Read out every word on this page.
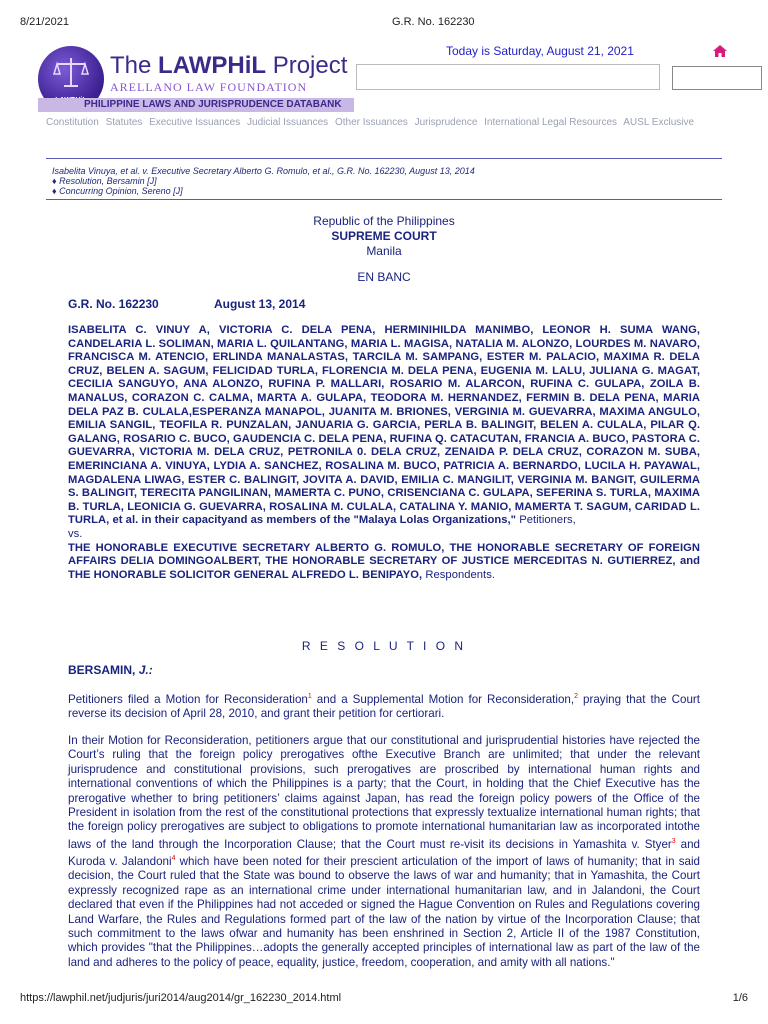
8/21/2021	G.R. No. 162230
The LAWPHiL Project
ARELLANO LAW FOUNDATION
PHILIPPINE LAWS AND JURISPRUDENCE DATABANK
Today is Saturday, August 21, 2021
Constitution Statutes Executive Issuances Judicial Issuances Other Issuances Jurisprudence International Legal Resources AUSL Exclusive
Isabelita Vinuya, et al. v. Executive Secretary Alberto G. Romulo, et al., G.R. No. 162230, August 13, 2014
♦ Resolution, Bersamin [J]
♦ Concurring Opinion, Sereno [J]
Republic of the Philippines
SUPREME COURT
Manila
EN BANC
G.R. No. 162230	August 13, 2014
ISABELITA C. VINUY A, VICTORIA C. DELA PENA, HERMINIHILDA MANIMBO, LEONOR H. SUMA WANG, CANDELARIA L. SOLIMAN, MARIA L. QUILANTANG, MARIA L. MAGISA, NATALIA M. ALONZO, LOURDES M. NAVARO, FRANCISCA M. ATENCIO, ERLINDA MANALASTAS, TARCILA M. SAMPANG, ESTER M. PALACIO, MAXIMA R. DELA CRUZ, BELEN A. SAGUM, FELICIDAD TURLA, FLORENCIA M. DELA PENA, EUGENIA M. LALU, JULIANA G. MAGAT, CECILIA SANGUYO, ANA ALONZO, RUFINA P. MALLARI, ROSARIO M. ALARCON, RUFINA C. GULAPA, ZOILA B. MANALUS, CORAZON C. CALMA, MARTA A. GULAPA, TEODORA M. HERNANDEZ, FERMIN B. DELA PENA, MARIA DELA PAZ B. CULALA,ESPERANZA MANAPOL, JUANITA M. BRIONES, VERGINIA M. GUEVARRA, MAXIMA ANGULO, EMILIA SANGIL, TEOFILA R. PUNZALAN, JANUARIA G. GARCIA, PERLA B. BALINGIT, BELEN A. CULALA, PILAR Q. GALANG, ROSARIO C. BUCO, GAUDENCIA C. DELA PENA, RUFINA Q. CATACUTAN, FRANCIA A. BUCO, PASTORA C. GUEVARRA, VICTORIA M. DELA CRUZ, PETRONILA 0. DELA CRUZ, ZENAIDA P. DELA CRUZ, CORAZON M. SUBA, EMERINCIANA A. VINUYA, LYDIA A. SANCHEZ, ROSALINA M. BUCO, PATRICIA A. BERNARDO, LUCILA H. PAYAWAL, MAGDALENA LIWAG, ESTER C. BALINGIT, JOVITA A. DAVID, EMILIA C. MANGILIT, VERGINIA M. BANGIT, GUILERMA S. BALINGIT, TERECITA PANGILINAN, MAMERTA C. PUNO, CRISENCIANA C. GULAPA, SEFERINA S. TURLA, MAXIMA B. TURLA, LEONICIA G. GUEVARRA, ROSALINA M. CULALA, CATALINA Y. MANIO, MAMERTA T. SAGUM, CARIDAD L. TURLA, et al. in their capacityand as members of the "Malaya Lolas Organizations," Petitioners,
vs.
THE HONORABLE EXECUTIVE SECRETARY ALBERTO G. ROMULO, THE HONORABLE SECRETARY OF FOREIGN AFFAIRS DELIA DOMINGOALBERT, THE HONORABLE SECRETARY OF JUSTICE MERCEDITAS N. GUTIERREZ, and THE HONORABLE SOLICITOR GENERAL ALFREDO L. BENIPAYO, Respondents.
R E S O L U T I O N
BERSAMIN, J.:
Petitioners filed a Motion for Reconsideration$^1$ and a Supplemental Motion for Reconsideration,$^2$ praying that the Court reverse its decision of April 28, 2010, and grant their petition for certiorari.
In their Motion for Reconsideration, petitioners argue that our constitutional and jurisprudential histories have rejected the Court’s ruling that the foreign policy prerogatives ofthe Executive Branch are unlimited; that under the relevant jurisprudence and constitutional provisions, such prerogatives are proscribed by international human rights and international conventions of which the Philippines is a party; that the Court, in holding that the Chief Executive has the prerogative whether to bring petitioners’ claims against Japan, has read the foreign policy powers of the Office of the President in isolation from the rest of the constitutional protections that expressly textualize international human rights; that the foreign policy prerogatives are subject to obligations to promote international humanitarian law as incorporated intothe laws of the land through the Incorporation Clause; that the Court must re-visit its decisions in Yamashita v. Styer$^3$ and Kuroda v. Jalandoni$^4$ which have been noted for their prescient articulation of the import of laws of humanity; that in said decision, the Court ruled that the State was bound to observe the laws of war and humanity; that in Yamashita, the Court expressly recognized rape as an international crime under international humanitarian law, and in Jalandoni, the Court declared that even if the Philippines had not acceded or signed the Hague Convention on Rules and Regulations covering Land Warfare, the Rules and Regulations formed part of the law of the nation by virtue of the Incorporation Clause; that such commitment to the laws ofwar and humanity has been enshrined in Section 2, Article II of the 1987 Constitution, which provides "that the Philippines…adopts the generally accepted principles of international law as part of the law of the land and adheres to the policy of peace, equality, justice, freedom, cooperation, and amity with all nations."
https://lawphil.net/judjuris/juri2014/aug2014/gr_162230_2014.html	1/6
